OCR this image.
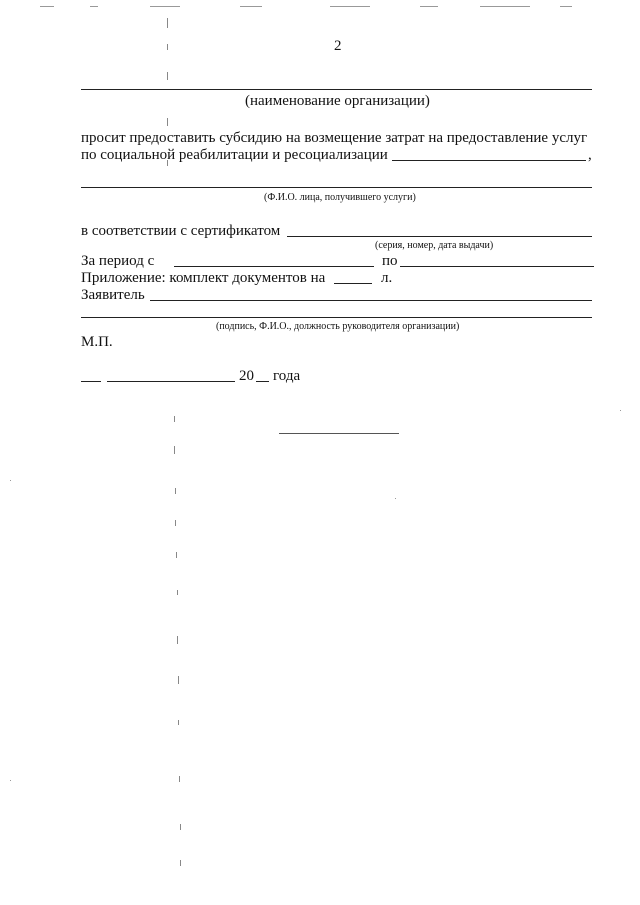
2
(наименование организации)
просит предоставить субсидию на возмещение затрат на предоставление услуг
по социальной реабилитации и ресоциализации	,
(Ф.И.О. лица, получившего услуги)
в соответствии с сертификатом
(серия, номер, дата выдачи)
За период с	по
Приложение: комплект документов на	л.
Заявитель
(подпись, Ф.И.О., должность руководителя организации)
М.П.
20 года
